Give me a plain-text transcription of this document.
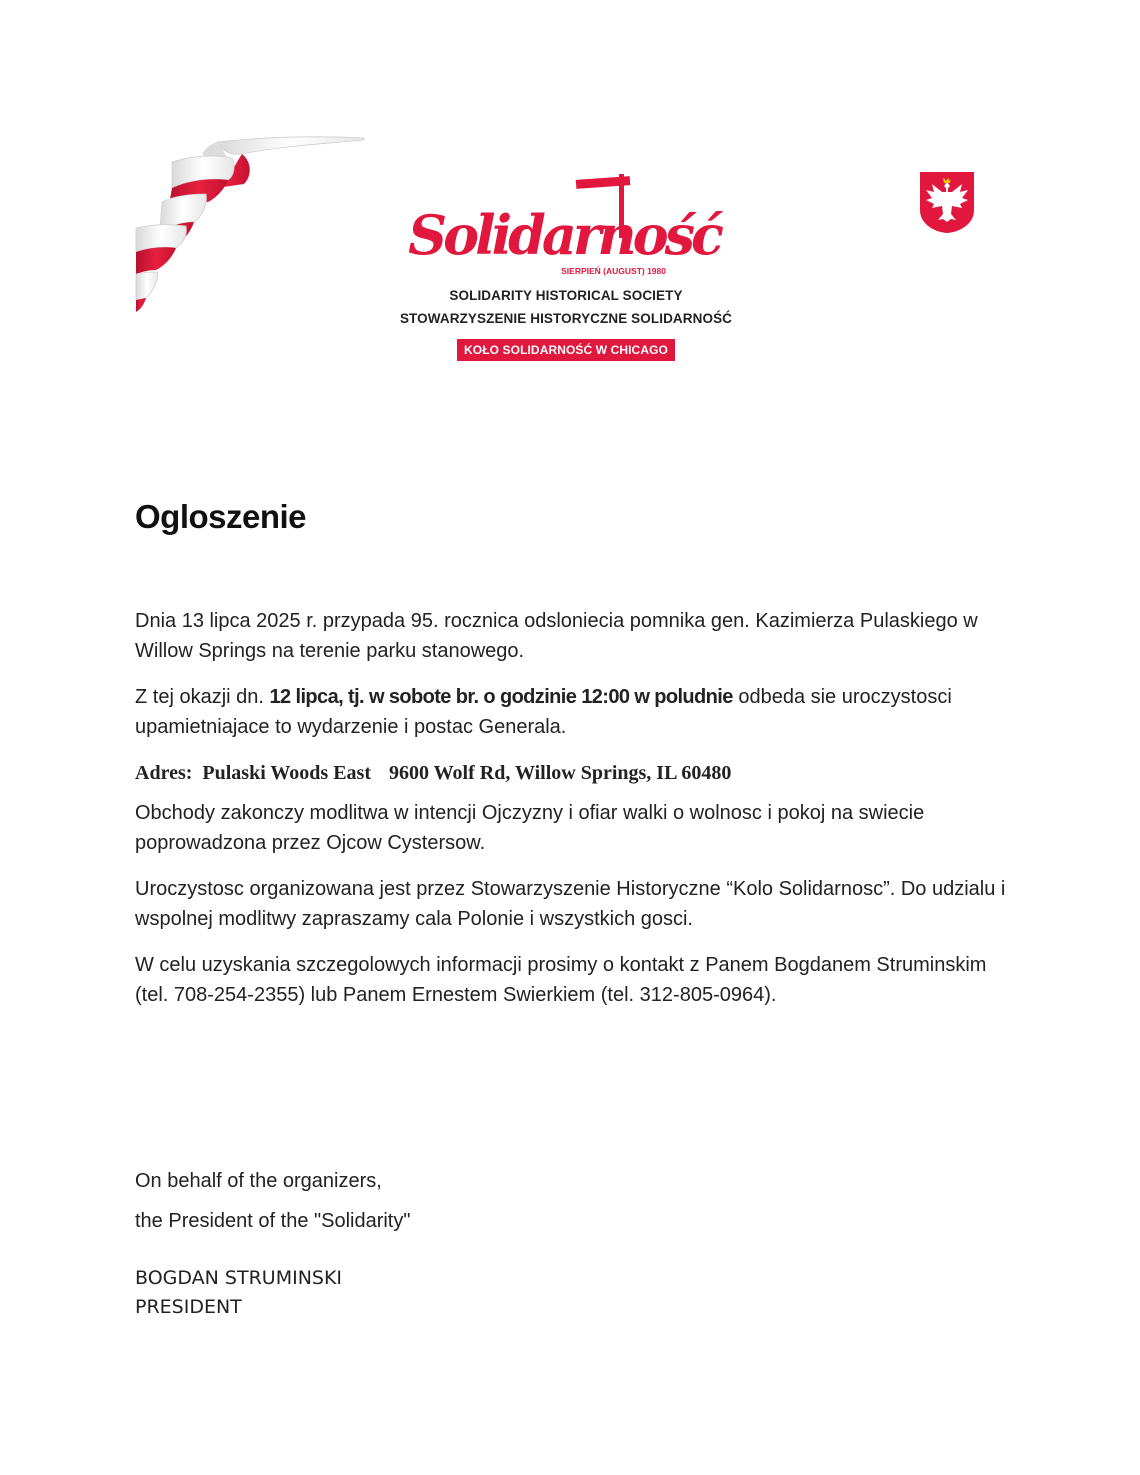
Solidarność
SIERPIEŃ (AUGUST) 1980

SOLIDARITY HISTORICAL SOCIETY

STOWARZYSZENIE HISTORYCZNE SOLIDARNOŚĆ

KOŁO SOLIDARNOŚĆ W CHICAGO
Ogloszenie

Dnia 13 lipca 2025 r. przypada 95. rocznica odsloniecia pomnika gen. Kazimierza Pulaskiego w Willow Springs na terenie parku stanowego.

Z tej okazji dn. 12 lipca, tj. w sobote br. o godzinie 12:00 w poludnie odbeda sie uroczystosci upamietniajace to wydarzenie i postac Generala.

Adres: Pulaski Woods East 9600 Wolf Rd, Willow Springs, IL 60480

Obchody zakonczy modlitwa w intencji Ojczyzny i ofiar walki o wolnosc i pokoj na swiecie poprowadzona przez Ojcow Cystersow.

Uroczystosc organizowana jest przez Stowarzyszenie Historyczne “Kolo Solidarnosc”. Do udzialu i wspolnej modlitwy zapraszamy cala Polonie i wszystkich gosci.

W celu uzyskania szczegolowych informacji prosimy o kontakt z Panem Bogdanem Struminskim (tel. 708-254-2355) lub Panem Ernestem Swierkiem (tel. 312-805-0964).

On behalf of the organizers,

the President of the "Solidarity"

BOGDAN STRUMINSKI
PRESIDENT
